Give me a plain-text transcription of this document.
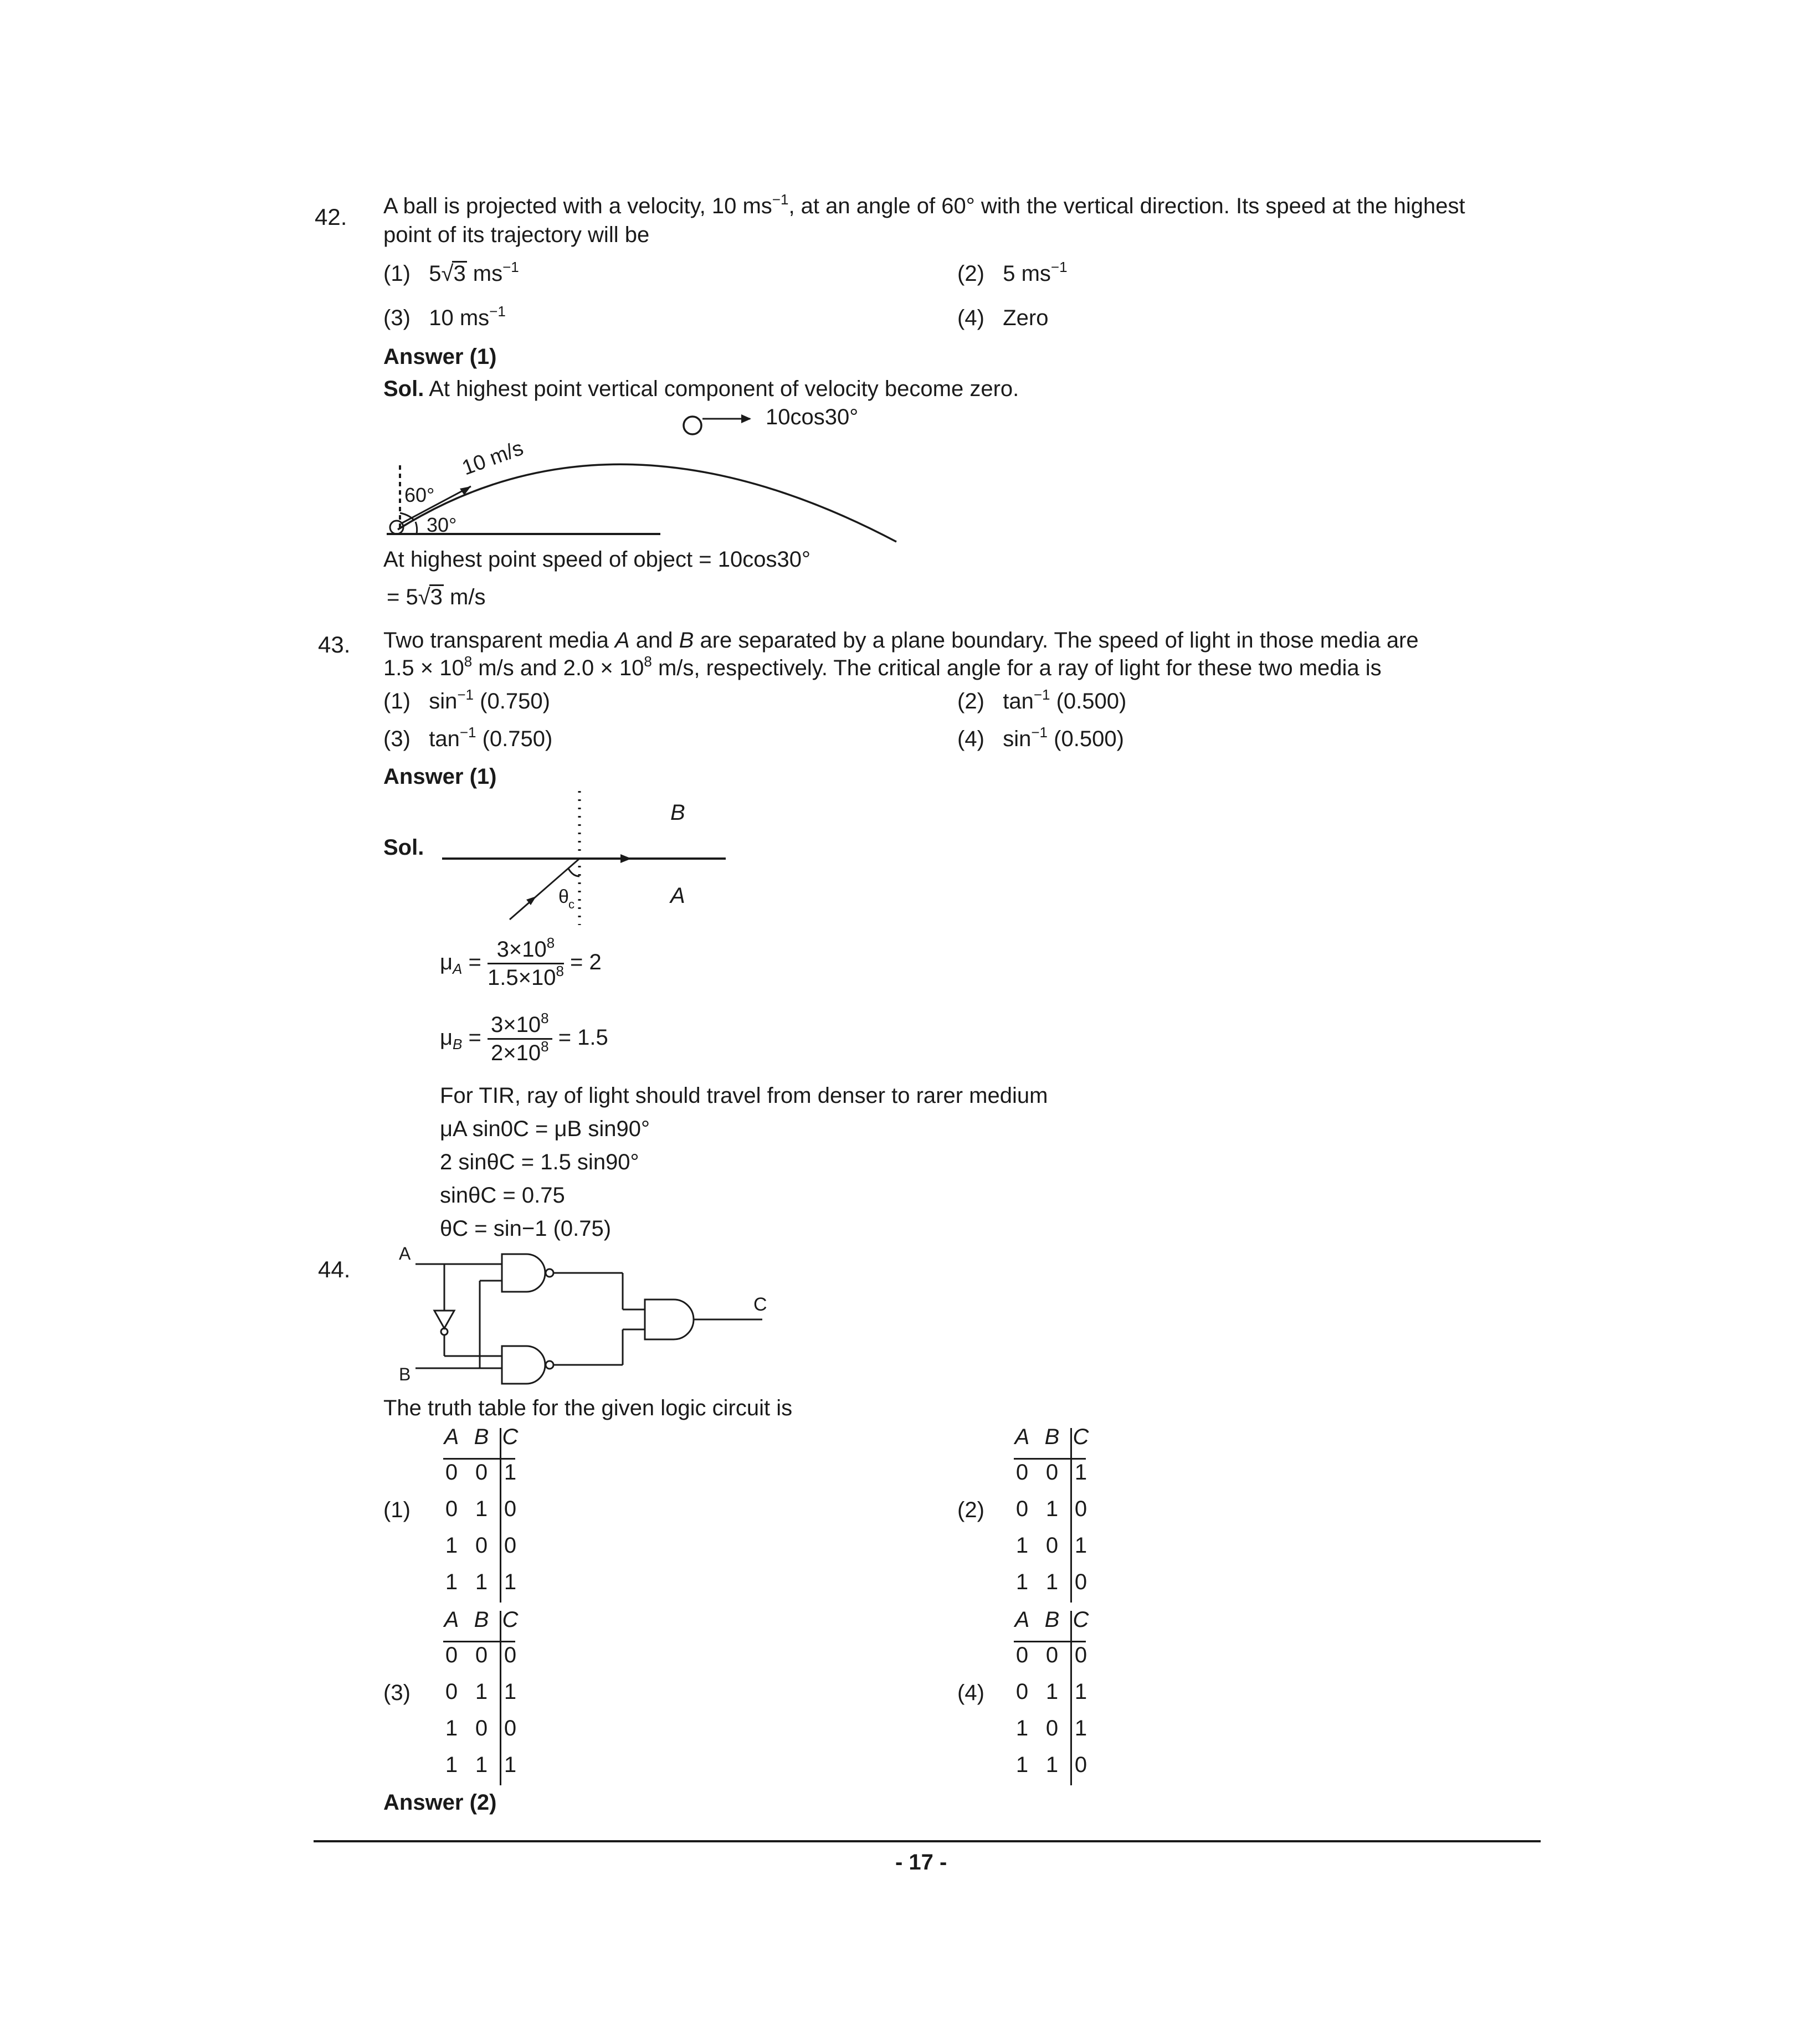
42. A ball is projected with a velocity, 10 $ms^{-1}$, at an angle of 60° with the vertical direction. Its speed at the highest
point of its trajectory will be
(1) 5√3 $ms^{-1}$	(2) 5 $ms^{-1}$
(3) 10 $ms^{-1}$	(4) Zero
Answer (1)
Sol. At highest point vertical component of velocity become zero.
10cos30°
10 m/s
60°
30°
At highest point speed of object = 10cos30°
= 5√3 m/s
43. Two transparent media A and B are separated by a plane boundary. The speed of light in those media are
$1.5 \times 10^8$ m/s and $2.0 \times 10^8$ m/s, respectively. The critical angle for a ray of light for these two media is
(1) $\sin^{-1} (0.750)$	(2) $\tan^{-1} (0.500)$
(3) $\tan^{-1} (0.750)$	(4) $\sin^{-1} (0.500)$
Answer (1)
Sol.
B
A
θ c
$\mu_A = \frac{3\times 10^8}{1.5\times 10^8} = 2$
$\mu_B = \frac{3\times 10^8}{2\times 10^8} = 1.5$
For TIR, ray of light should travel from denser to rarer medium
μA sin0C = μB sin90°
2 sinθC = 1.5 sin90°
sinθC = 0.75
θC = sin−1 (0.75)
44.
A
B
C
The truth table for the given logic circuit is
(1)
A B C
0 0 1
0 1 0
1 0 0
1 1 1
(2)
A B C
0 0 1
0 1 0
1 0 1
1 1 0
(3)
A B C
0 0 0
0 1 1
1 0 0
1 1 1
(4)
A B C
0 0 0
0 1 1
1 0 1
1 1 0
Answer (2)
- 17 -
